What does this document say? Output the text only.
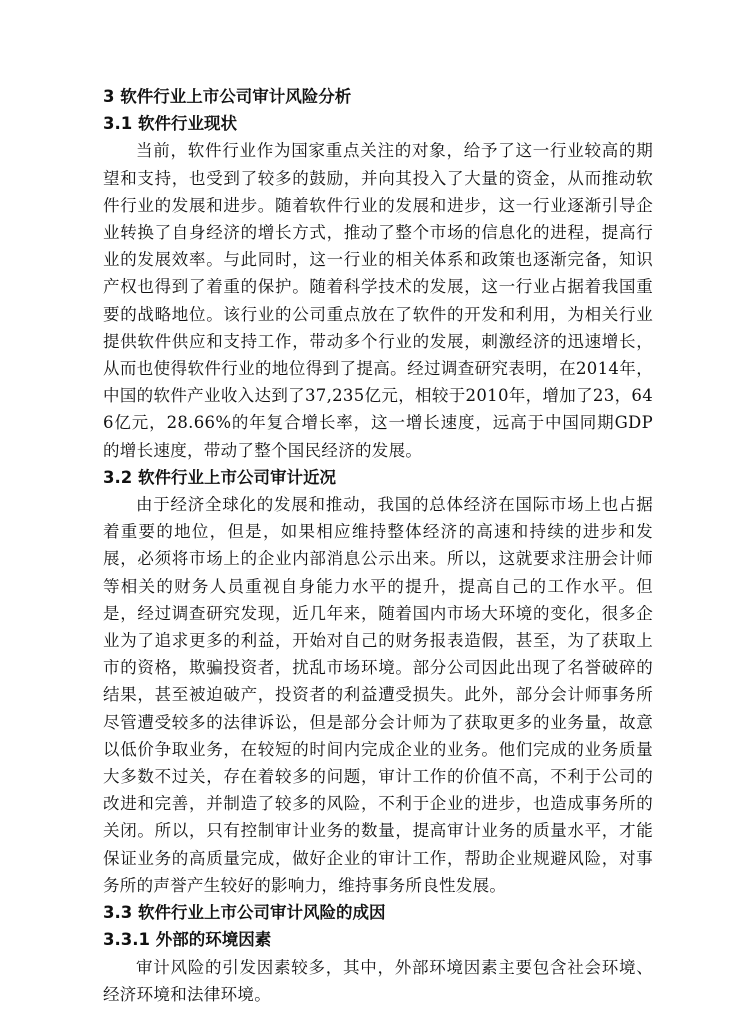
3 软件行业上市公司审计风险分析
3.1 软件行业现状

当前，软件行业作为国家重点关注的对象，给予了这一行业较高的期望和支持，也受到了较多的鼓励，并向其投入了大量的资金，从而推动软件行业的发展和进步。随着软件行业的发展和进步，这一行业逐渐引导企业转换了自身经济的增长方式，推动了整个市场的信息化的进程，提高行业的发展效率。与此同时，这一行业的相关体系和政策也逐渐完备，知识产权也得到了着重的保护。随着科学技术的发展，这一行业占据着我国重要的战略地位。该行业的公司重点放在了软件的开发和利用，为相关行业提供软件供应和支持工作，带动多个行业的发展，刺激经济的迅速增长，从而也使得软件行业的地位得到了提高。经过调查研究表明，在2014年，中国的软件产业收入达到了37,235亿元，相较于2010年，增加了23，646亿元，28.66%的年复合增长率，这一增长速度，远高于中国同期GDP的增长速度，带动了整个国民经济的发展。

3.2 软件行业上市公司审计近况

由于经济全球化的发展和推动，我国的总体经济在国际市场上也占据着重要的地位，但是，如果相应维持整体经济的高速和持续的进步和发展，必须将市场上的企业内部消息公示出来。所以，这就要求注册会计师等相关的财务人员重视自身能力水平的提升，提高自己的工作水平。但是，经过调查研究发现，近几年来，随着国内市场大环境的变化，很多企业为了追求更多的利益，开始对自己的财务报表造假，甚至，为了获取上市的资格，欺骗投资者，扰乱市场环境。部分公司因此出现了名誉破碎的结果，甚至被迫破产，投资者的利益遭受损失。此外，部分会计师事务所尽管遭受较多的法律诉讼，但是部分会计师为了获取更多的业务量，故意以低价争取业务，在较短的时间内完成企业的业务。他们完成的业务质量大多数不过关，存在着较多的问题，审计工作的价值不高，不利于公司的改进和完善，并制造了较多的风险，不利于企业的进步，也造成事务所的关闭。所以，只有控制审计业务的数量，提高审计业务的质量水平，才能保证业务的高质量完成，做好企业的审计工作，帮助企业规避风险，对事务所的声誉产生较好的影响力，维持事务所良性发展。

3.3 软件行业上市公司审计风险的成因
3.3.1 外部的环境因素

审计风险的引发因素较多，其中，外部环境因素主要包含社会环境、经济环境和法律环境。
